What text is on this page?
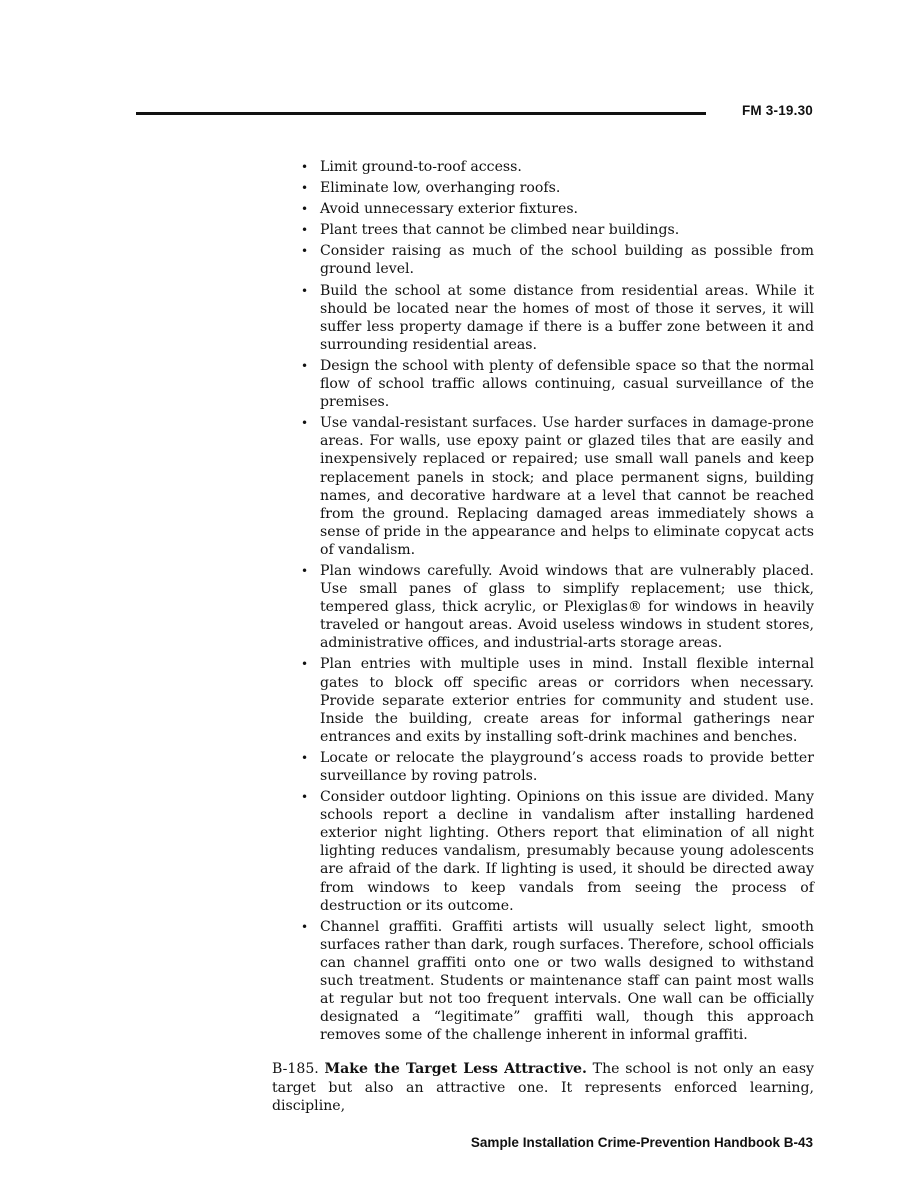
FM 3-19.30
• Limit ground-to-roof access.
• Eliminate low, overhanging roofs.
• Avoid unnecessary exterior fixtures.
• Plant trees that cannot be climbed near buildings.
• Consider raising as much of the school building as possible from ground level.
• Build the school at some distance from residential areas. While it should be located near the homes of most of those it serves, it will suffer less property damage if there is a buffer zone between it and surrounding residential areas.
• Design the school with plenty of defensible space so that the normal flow of school traffic allows continuing, casual surveillance of the premises.
• Use vandal-resistant surfaces. Use harder surfaces in damage-prone areas. For walls, use epoxy paint or glazed tiles that are easily and inexpensively replaced or repaired; use small wall panels and keep replacement panels in stock; and place permanent signs, building names, and decorative hardware at a level that cannot be reached from the ground. Replacing damaged areas immediately shows a sense of pride in the appearance and helps to eliminate copycat acts of vandalism.
• Plan windows carefully. Avoid windows that are vulnerably placed. Use small panes of glass to simplify replacement; use thick, tempered glass, thick acrylic, or Plexiglas® for windows in heavily traveled or hangout areas. Avoid useless windows in student stores, administrative offices, and industrial-arts storage areas.
• Plan entries with multiple uses in mind. Install flexible internal gates to block off specific areas or corridors when necessary. Provide separate exterior entries for community and student use. Inside the building, create areas for informal gatherings near entrances and exits by installing soft-drink machines and benches.
• Locate or relocate the playground’s access roads to provide better surveillance by roving patrols.
• Consider outdoor lighting. Opinions on this issue are divided. Many schools report a decline in vandalism after installing hardened exterior night lighting. Others report that elimination of all night lighting reduces vandalism, presumably because young adolescents are afraid of the dark. If lighting is used, it should be directed away from windows to keep vandals from seeing the process of destruction or its outcome.
• Channel graffiti. Graffiti artists will usually select light, smooth surfaces rather than dark, rough surfaces. Therefore, school officials can channel graffiti onto one or two walls designed to withstand such treatment. Students or maintenance staff can paint most walls at regular but not too frequent intervals. One wall can be officially designated a “legitimate” graffiti wall, though this approach removes some of the challenge inherent in informal graffiti.

B-185. Make the Target Less Attractive. The school is not only an easy target but also an attractive one. It represents enforced learning, discipline,

Sample Installation Crime-Prevention Handbook B-43
